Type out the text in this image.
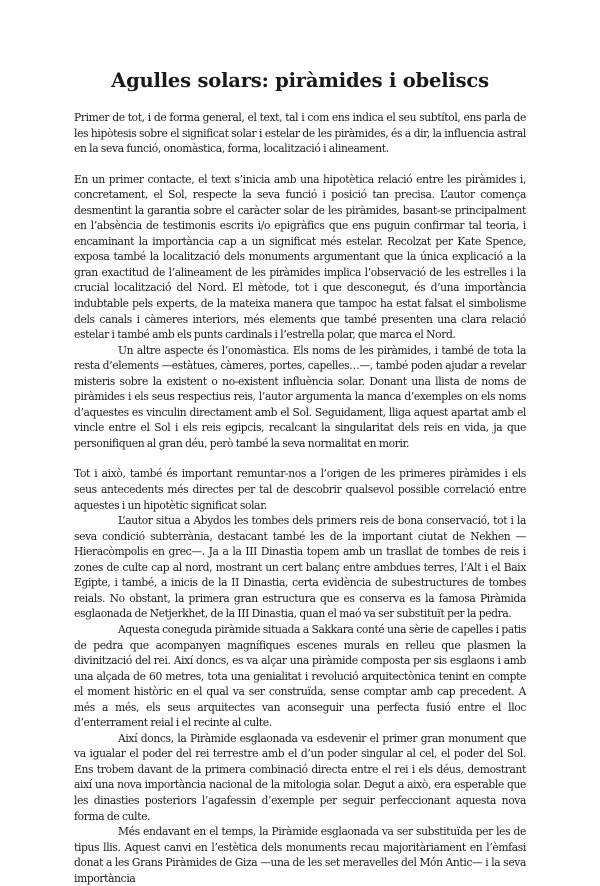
Agulles solars: piràmides i obeliscs

Primer de tot, i de forma general, el text, tal i com ens indica el seu subtítol, ens parla de les hipòtesis sobre el significat solar i estelar de les piràmides, és a dir, la influencia astral en la seva funció, onomàstica, forma, localització i alineament.

En un primer contacte, el text s’inicia amb una hipotètica relació entre les piràmides i, concretament, el Sol, respecte la seva funció i posició tan precisa. L’autor comença desmentint la garantia sobre el caràcter solar de les piràmides, basant-se principalment en l’absència de testimonis escrits i/o epigràfics que ens puguin confirmar tal teoria, i encaminant la importància cap a un significat més estelar. Recolzat per Kate Spence, exposa també la localització dels monuments argumentant que la única explicació a la gran exactitud de l’alineament de les piràmides implica l’observació de les estrelles i la crucial localització del Nord. El mètode, tot i que desconegut, és d’una importància indubtable pels experts, de la mateixa manera que tampoc ha estat falsat el simbolisme dels canals i càmeres interiors, més elements que també presenten una clara relació estelar i també amb els punts cardinals i l’estrella polar, que marca el Nord.

Un altre aspecte és l’onomàstica. Els noms de les piràmides, i també de tota la resta d’elements —estàtues, càmeres, portes, capelles…—, també poden ajudar a revelar misteris sobre la existent o no-existent influència solar. Donant una llista de noms de piràmides i els seus respectius reis, l’autor argumenta la manca d’exemples on els noms d’aquestes es vinculin directament amb el Sol. Seguidament, lliga aquest apartat amb el vincle entre el Sol i els reis egipcis, recalcant la singularitat dels reis en vida, ja que personifiquen al gran déu, però també la seva normalitat en morir.

Tot i això, també és important remuntar-nos a l’origen de les primeres piràmides i els seus antecedents més directes per tal de descobrir qualsevol possible correlació entre aquestes i un hipotètic significat solar.

L’autor situa a Abydos les tombes dels primers reis de bona conservació, tot i la seva condició subterrània, destacant també les de la important ciutat de Nekhen —Hieracòmpolis en grec—. Ja a la III Dinastia topem amb un trasllat de tombes de reis i zones de culte cap al nord, mostrant un cert balanç entre ambdues terres, l’Alt i el Baix Egipte, i també, a inicis de la II Dinastia, certa evidència de subestructures de tombes reials. No obstant, la primera gran estructura que es conserva es la famosa Piràmida esglaonada de Netjerkhet, de la III Dinastia, quan el maó va ser substituït per la pedra.

Aquesta coneguda piràmide situada a Sakkara conté una sèrie de capelles i patis de pedra que acompanyen magnífiques escenes murals en relleu que plasmen la divinització del rei. Així doncs, es va alçar una piràmide composta per sis esglaons i amb una alçada de 60 metres, tota una genialitat i revolució arquitectònica tenint en compte el moment històric en el qual va ser construïda, sense comptar amb cap precedent. A més a més, els seus arquitectes van aconseguir una perfecta fusió entre el lloc d’enterrament reial i el recinte al culte.

Així doncs, la Piràmide esglaonada va esdevenir el primer gran monument que va igualar el poder del rei terrestre amb el d’un poder singular al cel, el poder del Sol. Ens trobem davant de la primera combinació directa entre el rei i els déus, demostrant així una nova importància nacional de la mitologia solar. Degut a això, era esperable que les dinasties posteriors l’agafessin d’exemple per seguir perfeccionant aquesta nova forma de culte.

Més endavant en el temps, la Piràmide esglaonada va ser substituïda per les de tipus llis. Aquest canvi en l’estètica dels monuments recau majoritàriament en l’èmfasi donat a les Grans Piràmides de Giza —una de les set meravelles del Món Antic— i la seva importància
